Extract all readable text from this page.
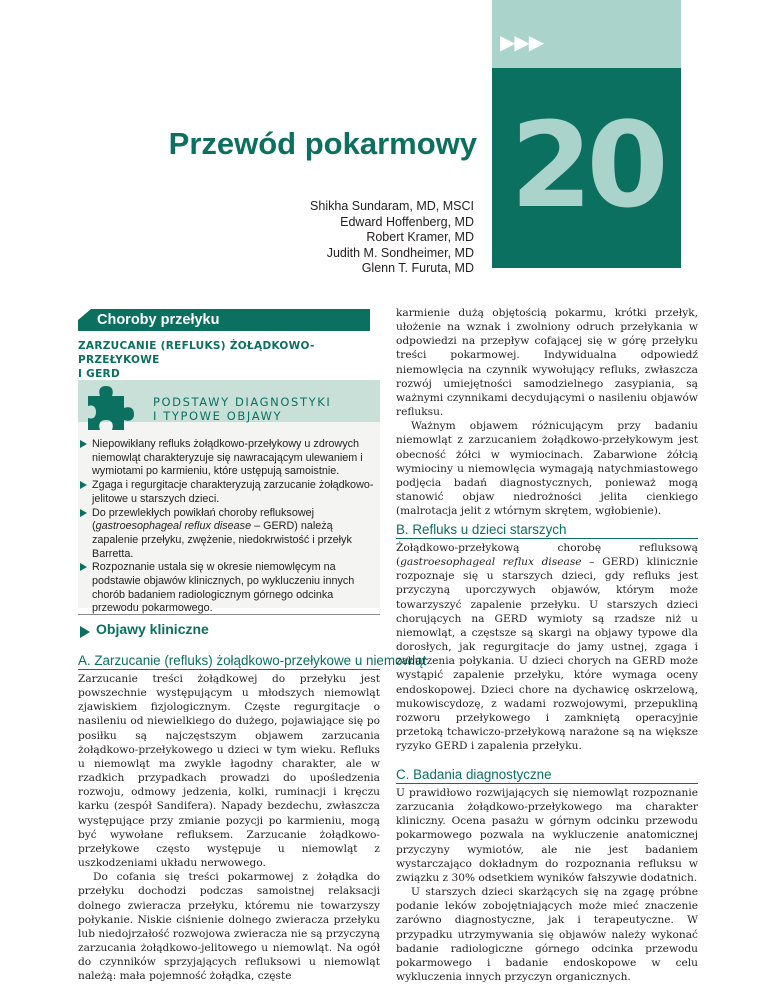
▶▶▶
20
Przewód pokarmowy
Shikha Sundaram, MD, MSCI
Edward Hoffenberg, MD
Robert Kramer, MD
Judith M. Sondheimer, MD
Glenn T. Furuta, MD
Choroby przełyku
ZARZUCANIE (REFLUKS) ŻOŁĄDKOWO-PRZEŁYKOWE
I GERD
PODSTAWY DIAGNOSTYKI
I TYPOWE OBJAWY
Niepowikłany refluks żołądkowo-przełykowy u zdrowych niemowląt charakteryzuje się nawracającym ulewaniem i wymiotami po karmieniu, które ustępują samoistnie.
Zgaga i regurgitacje charakteryzują zarzucanie żołądkowo-jelitowe u starszych dzieci.
Do przewlekłych powikłań choroby refluksowej (gastroesophageal reflux disease – GERD) należą zapalenie przełyku, zwężenie, niedokrwistość i przełyk Barretta.
Rozpoznanie ustala się w okresie niemowlęcym na podstawie objawów klinicznych, po wykluczeniu innych chorób badaniem radiologicznym górnego odcinka przewodu pokarmowego.
Objawy kliniczne
A. Zarzucanie (refluks) żołądkowo-przełykowe u niemowląt

Zarzucanie treści żołądkowej do przełyku jest powszechnie występującym u młodszych niemowląt zjawiskiem fizjologicznym. Częste regurgitacje o nasileniu od niewielkiego do dużego, pojawiające się po posiłku są najczęstszym objawem zarzucania żołądkowo-przełykowego u dzieci w tym wieku. Refluks u niemowląt ma zwykle łagodny charakter, ale w rzadkich przypadkach prowadzi do upośledzenia rozwoju, odmowy jedzenia, kolki, ruminacji i kręczu karku (zespół Sandifera). Napady bezdechu, zwłaszcza występujące przy zmianie pozycji po karmieniu, mogą być wywołane refluksem. Zarzucanie żołądkowo-przełykowe często występuje u niemowląt z uszkodzeniami układu nerwowego.

Do cofania się treści pokarmowej z żołądka do przełyku dochodzi podczas samoistnej relaksacji dolnego zwieracza przełyku, któremu nie towarzyszy połykanie. Niskie ciśnienie dolnego zwieracza przełyku lub niedojrzałość rozwojowa zwieracza nie są przyczyną zarzucania żołądkowo-jelitowego u niemowląt. Na ogół do czynników sprzyjających refluksowi u niemowląt należą: mała pojemność żołądka, częste

karmienie dużą objętością pokarmu, krótki przełyk, ułożenie na wznak i zwolniony odruch przełykania w odpowiedzi na przepływ cofającej się w górę przełyku treści pokarmowej. Indywidualna odpowiedź niemowlęcia na czynnik wywołujący refluks, zwłaszcza rozwój umiejętności samodzielnego zasypiania, są ważnymi czynnikami decydującymi o nasileniu objawów refluksu.

Ważnym objawem różnicującym przy badaniu niemowląt z zarzucaniem żołądkowo-przełykowym jest obecność żółci w wymiocinach. Zabarwione żółcią wymiociny u niemowlęcia wymagają natychmiastowego podjęcia badań diagnostycznych, ponieważ mogą stanowić objaw niedrożności jelita cienkiego (malrotacja jelit z wtórnym skrętem, wgłobienie).

B. Refluks u dzieci starszych

Żołądkowo-przełykową chorobę refluksową (gastroesophageal reflux disease – GERD) klinicznie rozpoznaje się u starszych dzieci, gdy refluks jest przyczyną uporczywych objawów, którym może towarzyszyć zapalenie przełyku. U starszych dzieci chorujących na GERD wymioty są rzadsze niż u niemowląt, a częstsze są skargi na objawy typowe dla dorosłych, jak regurgitacje do jamy ustnej, zgaga i zaburzenia połykania. U dzieci chorych na GERD może wystąpić zapalenie przełyku, które wymaga oceny endoskopowej. Dzieci chore na dychawicę oskrzelową, mukowiscydozę, z wadami rozwojowymi, przepukliną rozworu przełykowego i zamkniętą operacyjnie przetoką tchawiczo-przełykową narażone są na większe ryzyko GERD i zapalenia przełyku.

C. Badania diagnostyczne

U prawidłowo rozwijających się niemowląt rozpoznanie zarzucania żołądkowo-przełykowego ma charakter kliniczny. Ocena pasażu w górnym odcinku przewodu pokarmowego pozwala na wykluczenie anatomicznej przyczyny wymiotów, ale nie jest badaniem wystarczająco dokładnym do rozpoznania refluksu w związku z 30% odsetkiem wyników fałszywie dodatnich.

U starszych dzieci skarżących się na zgagę próbne podanie leków zobojętniających może mieć znaczenie zarówno diagnostyczne, jak i terapeutyczne. W przypadku utrzymywania się objawów należy wykonać badanie radiologiczne górnego odcinka przewodu pokarmowego i badanie endoskopowe w celu wykluczenia innych przyczyn organicznych.
